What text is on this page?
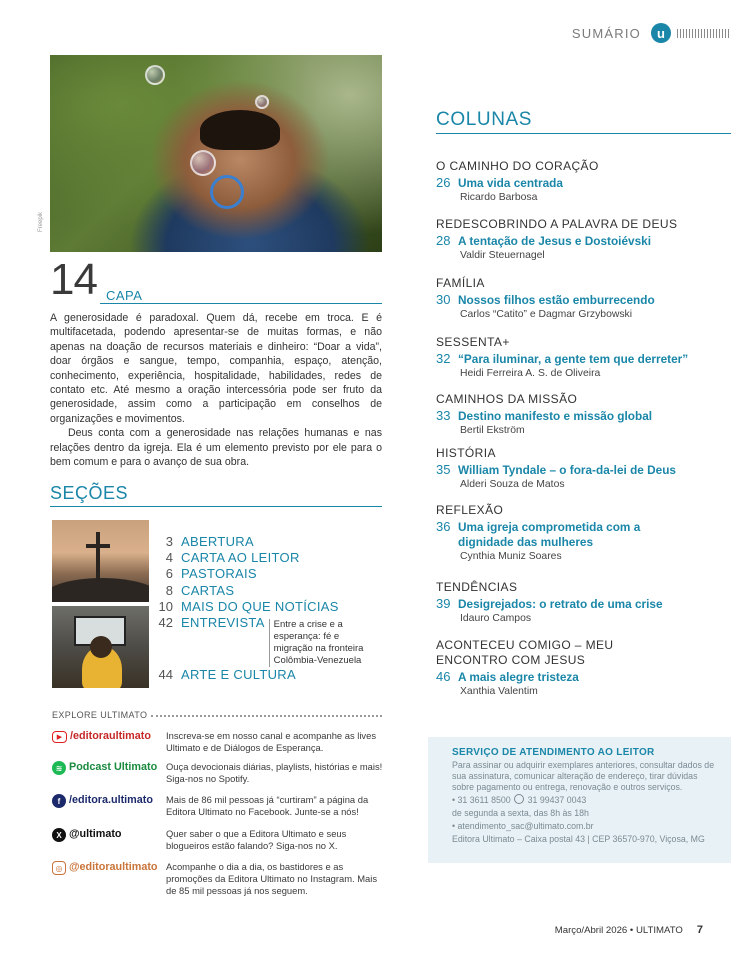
SUMÁRIO	u
Freepik
14 CAPA

A generosidade é paradoxal. Quem dá, recebe em troca. E é multifacetada, podendo apresentar-se de muitas formas, e não apenas na doação de recursos materiais e dinheiro: “Doar a vida”, doar órgãos e sangue, tempo, companhia, espaço, atenção, conhecimento, experiência, hospitalidade, habilidades, redes de contato etc. Até mesmo a oração intercessória pode ser fruto da generosidade, assim como a participação em conselhos de organizações e movimentos.

Deus conta com a generosidade nas relações humanas e nas relações dentro da igreja. Ela é um elemento previsto por ele para o bem comum e para o avanço de sua obra.

SEÇÕES
3 ABERTURA
4 CARTA AO LEITOR
6 PASTORAIS
8 CARTAS
10 MAIS DO QUE NOTÍCIAS
42 ENTREVISTA Entre a crise e a esperança: fé e migração na fronteira Colômbia-Venezuela
44 ARTE E CULTURA
EXPLORE ULTIMATO
▶ /editoraultimato Inscreva-se em nosso canal e acompanhe as lives Ultimato e de Diálogos de Esperança.
≋ Podcast Ultimato Ouça devocionais diárias, playlists, histórias e mais! Siga-nos no Spotify.
f /editora.ultimato Mais de 86 mil pessoas já “curtiram” a página da Editora Ultimato no Facebook. Junte-se a nós!
X @ultimato	Quer saber o que a Editora Ultimato e seus blogueiros estão falando? Siga-nos no X.
◎ @editoraultimato Acompanhe o dia a dia, os bastidores e as promoções da Editora Ultimato no Instagram. Mais de 85 mil pessoas já nos seguem.
COLUNAS
O CAMINHO DO CORAÇÃO
26 Uma vida centrada
Ricardo Barbosa
REDESCOBRINDO A PALAVRA DE DEUS
28 A tentação de Jesus e Dostoiévski
Valdir Steuernagel
FAMÍLIA
30 Nossos filhos estão emburrecendo
Carlos “Catito” e Dagmar Grzybowski
SESSENTA+
32 “Para iluminar, a gente tem que derreter”
Heidi Ferreira A. S. de Oliveira
CAMINHOS DA MISSÃO
33 Destino manifesto e missão global
Bertil Ekström
HISTÓRIA
35 William Tyndale – o fora-da-lei de Deus
Alderi Souza de Matos
REFLEXÃO
36 Uma igreja comprometida com a dignidade das mulheres
Cynthia Muniz Soares
TENDÊNCIAS
39 Desigrejados: o retrato de uma crise
Idauro Campos
ACONTECEU COMIGO – MEU ENCONTRO COM JESUS
46 A mais alegre tristeza
Xanthia Valentim
SERVIÇO DE ATENDIMENTO AO LEITOR
Para assinar ou adquirir exemplares anteriores, consultar dados de sua assinatura, comunicar alteração de endereço, tirar dúvidas sobre pagamento ou entrega, renovação e outros serviços.
• 31 3611 8500 31 99437 0043
de segunda a sexta, das 8h às 18h
• atendimento_sac@ultimato.com.br
Editora Ultimato – Caixa postal 43 | CEP 36570-970, Viçosa, MG
Março/Abril 2026 • ULTIMATO 7
